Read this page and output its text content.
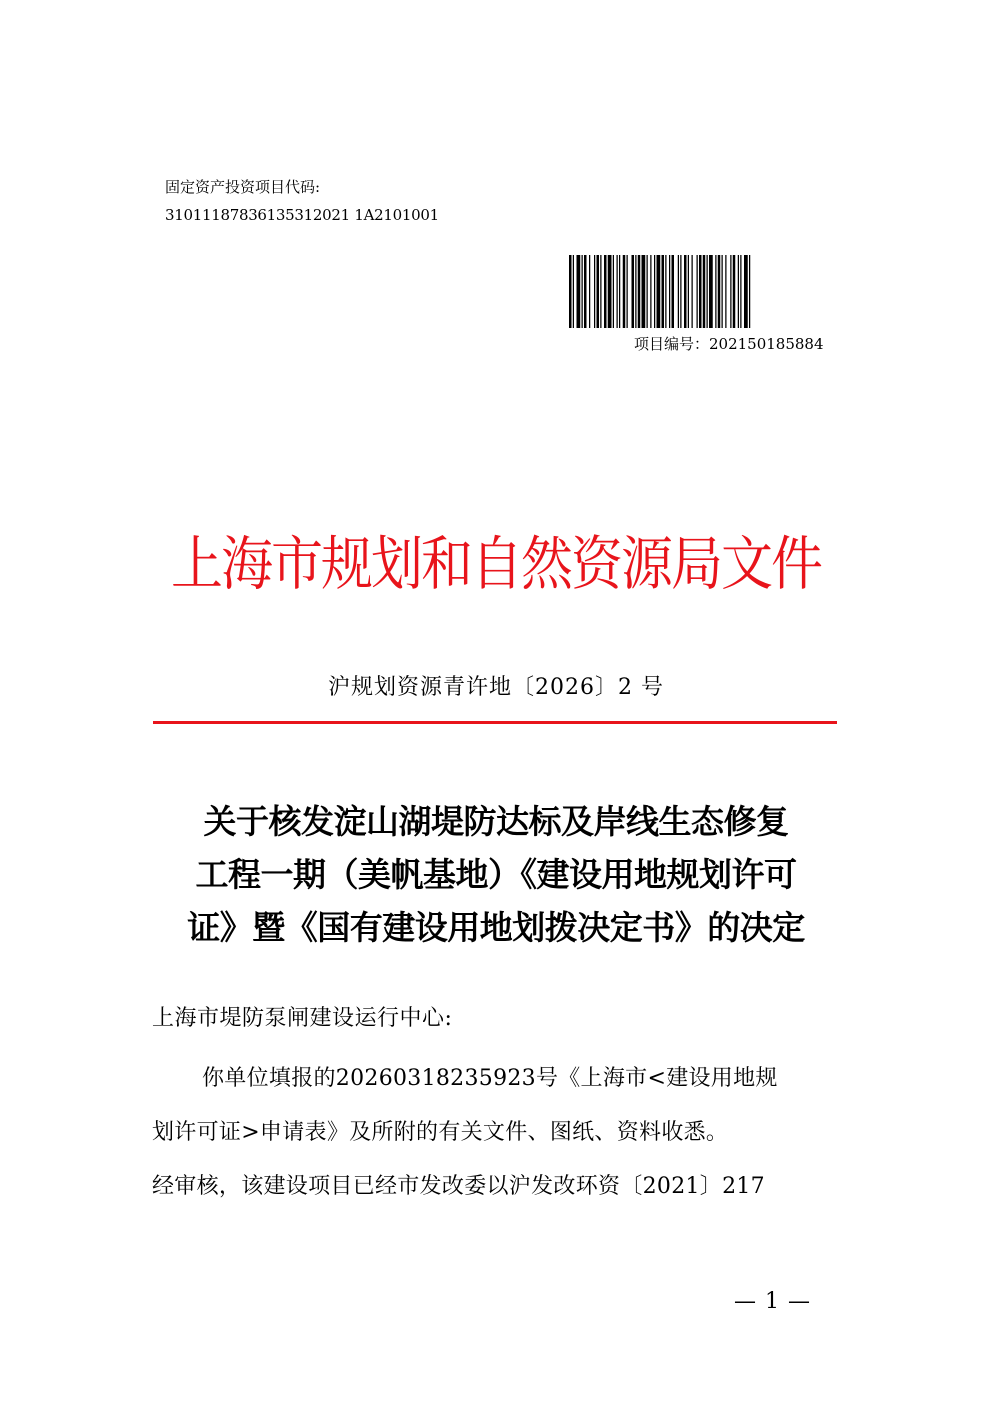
固定资产投资项目代码:
31011187836135312021 1A2101001
项目编号：202150185884
上海市规划和自然资源局文件
沪规划资源青许地〔2026〕2 号
关于核发淀山湖堤防达标及岸线生态修复
工程一期（美帆基地）《建设用地规划许可
证》暨《国有建设用地划拨决定书》的决定
上海市堤防泵闸建设运行中心:
你单位填报的20260318235923号《上海市<建设用地规
划许可证>申请表》及所附的有关文件、图纸、资料收悉。
经审核，该建设项目已经市发改委以沪发改环资〔2021〕217
— 1 —
